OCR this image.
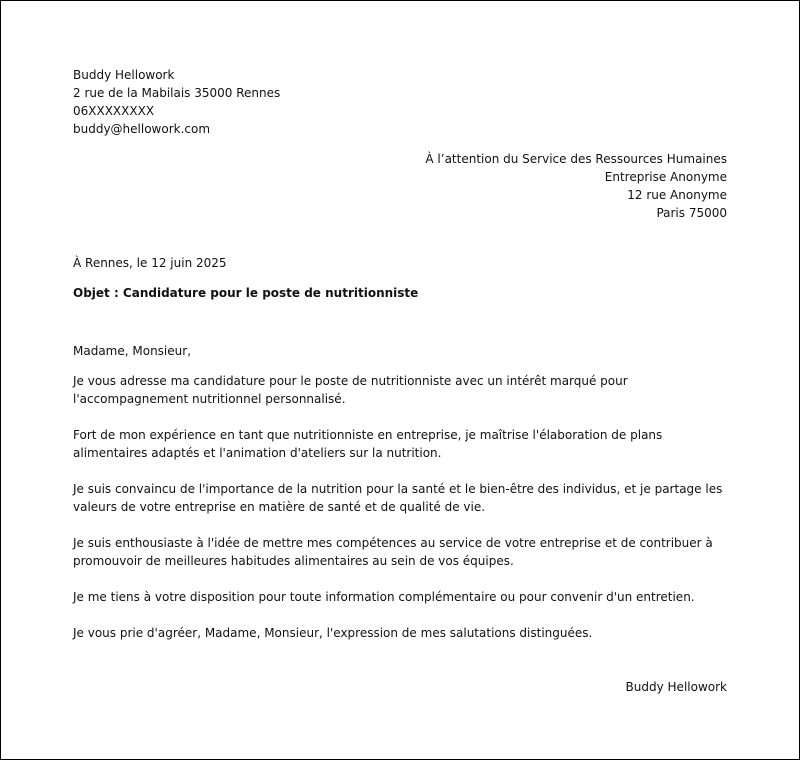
Buddy Hellowork
2 rue de la Mabilais 35000 Rennes
06XXXXXXXX
buddy@hellowork.com
À l’attention du Service des Ressources Humaines
Entreprise Anonyme
12 rue Anonyme
Paris 75000
À Rennes, le 12 juin 2025
Objet : Candidature pour le poste de nutritionniste

Madame, Monsieur,

Je vous adresse ma candidature pour le poste de nutritionniste avec un intérêt marqué pour l'accompagnement nutritionnel personnalisé.

Fort de mon expérience en tant que nutritionniste en entreprise, je maîtrise l'élaboration de plans alimentaires adaptés et l'animation d'ateliers sur la nutrition.

Je suis convaincu de l'importance de la nutrition pour la santé et le bien-être des individus, et je partage les valeurs de votre entreprise en matière de santé et de qualité de vie.

Je suis enthousiaste à l'idée de mettre mes compétences au service de votre entreprise et de contribuer à promouvoir de meilleures habitudes alimentaires au sein de vos équipes.

Je me tiens à votre disposition pour toute information complémentaire ou pour convenir d'un entretien.

Je vous prie d'agréer, Madame, Monsieur, l'expression de mes salutations distinguées.

Buddy Hellowork
